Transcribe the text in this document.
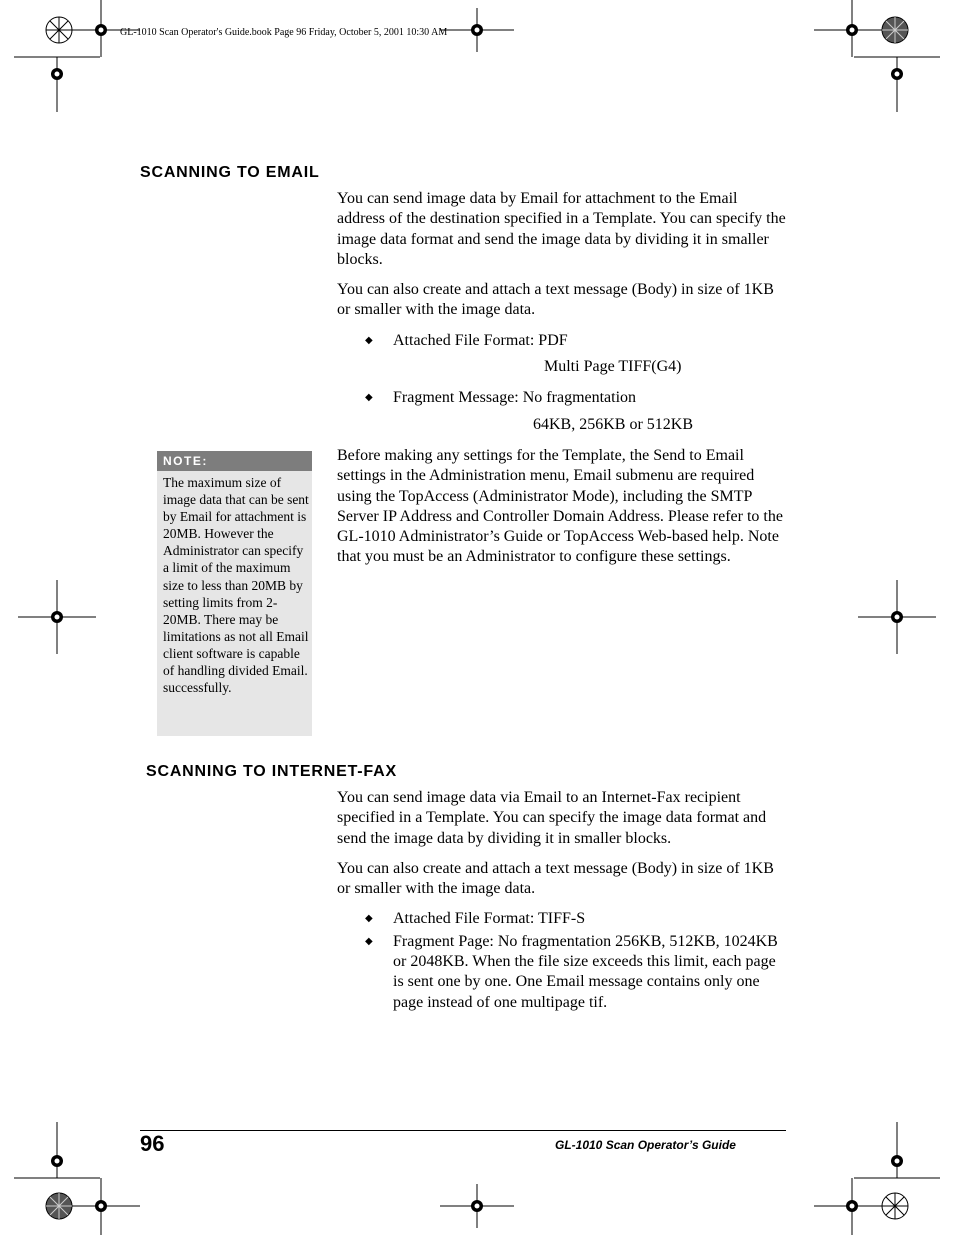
GL-1010 Scan Operator's Guide.book Page 96 Friday, October 5, 2001 10:30 AM
SCANNING TO EMAIL

You can send image data by Email for attachment to the Email address of the destination specified in a Template. You can specify the image data format and send the image data by dividing it in smaller blocks.

You can also create and attach a text message (Body) in size of 1KB or smaller with the image data.

◆ Attached File Format: PDF

Multi Page TIFF(G4)

◆ Fragment Message: No fragmentation

64KB, 256KB or 512KB

Before making any settings for the Template, the Send to Email settings in the Administration menu, Email submenu are required using the TopAccess (Administrator Mode), including the SMTP Server IP Address and Controller Domain Address. Please refer to the GL-1010 Administrator’s Guide or TopAccess Web-based help. Note that you must be an Administrator to configure these settings.

NOTE:
The maximum size of image data that can be sent by Email for attachment is 20MB. However the Administrator can specify a limit of the maximum size to less than 20MB by setting limits from 2-20MB. There may be limitations as not all Email client software is capable of handling divided Email. successfully.
SCANNING TO INTERNET-FAX

You can send image data via Email to an Internet-Fax recipient specified in a Template. You can specify the image data format and send the image data by dividing it in smaller blocks.

You can also create and attach a text message (Body) in size of 1KB or smaller with the image data.

◆ Attached File Format: TIFF-S

◆ Fragment Page: No fragmentation 256KB, 512KB, 1024KB or 2048KB. When the file size exceeds this limit, each page is sent one by one. One Email message contains only one page instead of one multipage tif.

96	GL-1010 Scan Operator’s Guide
